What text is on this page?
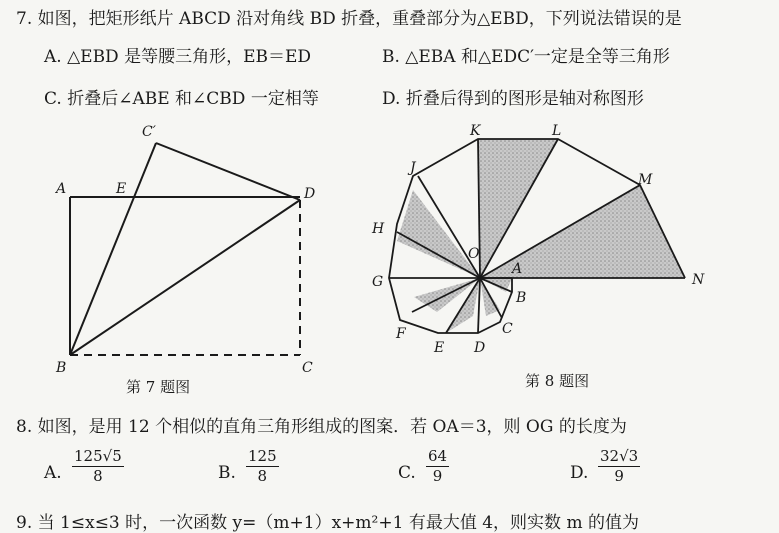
7. 如图，把矩形纸片 ABCD 沿对角线 BD 折叠，重叠部分为△EBD，下列说法错误的是
A. △EBD 是等腰三角形，EB＝ED	B. △EBA 和△EDC′一定是全等三角形
C. 折叠后∠ABE 和∠CBD 一定相等	D. 折叠后得到的图形是轴对称图形
A	E
C′
D
B	C
O
A
B
C
D
E
F
G
H
J
K	L
M
N
第 7 题图	第 8 题图
8. 如图，是用 12 个相似的直角三角形组成的图案．若 OA＝3，则 OG 的长度为
A.
125√5
8	B.
125
8	C.
64
9	D.
32√3
9
9. 当 1≤x≤3 时，一次函数 y=（m+1）x+m²+1 有最大值 4，则实数 m 的值为
